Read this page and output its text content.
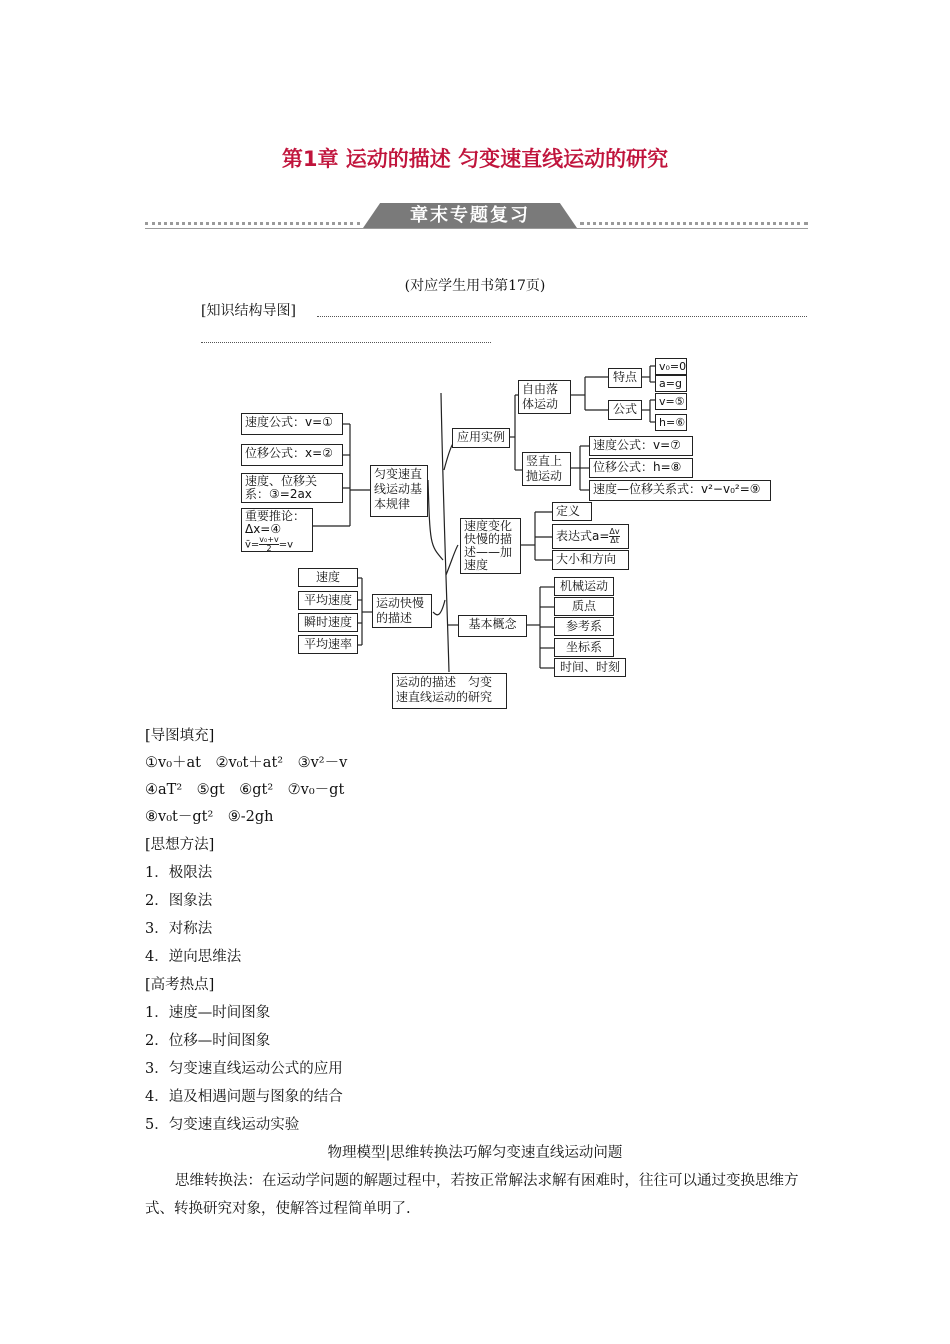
第1章 运动的描述 匀变速直线运动的研究
章末专题复习
(对应学生用书第17页)
[知识结构导图]
速度公式：v=①
位移公式：x=②
速度、位移关系：③=2ax
重要推论：Δx=④
v̄= $\frac{\text{v₀+v}}{2} =v$
匀变速直线运动基本规律
应用实例
自由落体运动
特点
公式
v₀=0
a=g
v=⑤
h=⑥
竖直上抛运动
速度公式：v=⑦
位移公式：h=⑧
速度—位移关系式：v²−v₀²=⑨
速度变化快慢的描述——加速度
定义
表达式$a= \frac{\Delta v}{\Delta t}$
大小和方向
速度
平均速度
瞬时速度
平均速率
运动快慢的描述	基本概念
机械运动
质点
参考系
坐标系
时间、时刻
运动的描述　匀变速直线运动的研究
[导图填充]
①v₀＋at　②v₀t＋at²　③v²－v
④aT²　⑤gt　⑥gt²　⑦v₀－gt
⑧v₀t－gt²　⑨-2gh
[思想方法]
1．极限法
2．图象法
3．对称法
4．逆向思维法
[高考热点]
1．速度—时间图象
2．位移—时间图象
3．匀变速直线运动公式的应用
4．追及相遇问题与图象的结合
5．匀变速直线运动实验
物理模型|思维转换法巧解匀变速直线运动问题
思维转换法：在运动学问题的解题过程中，若按正常解法求解有困难时，往往可以通过变换思维方式、转换研究对象，使解答过程简单明了.
